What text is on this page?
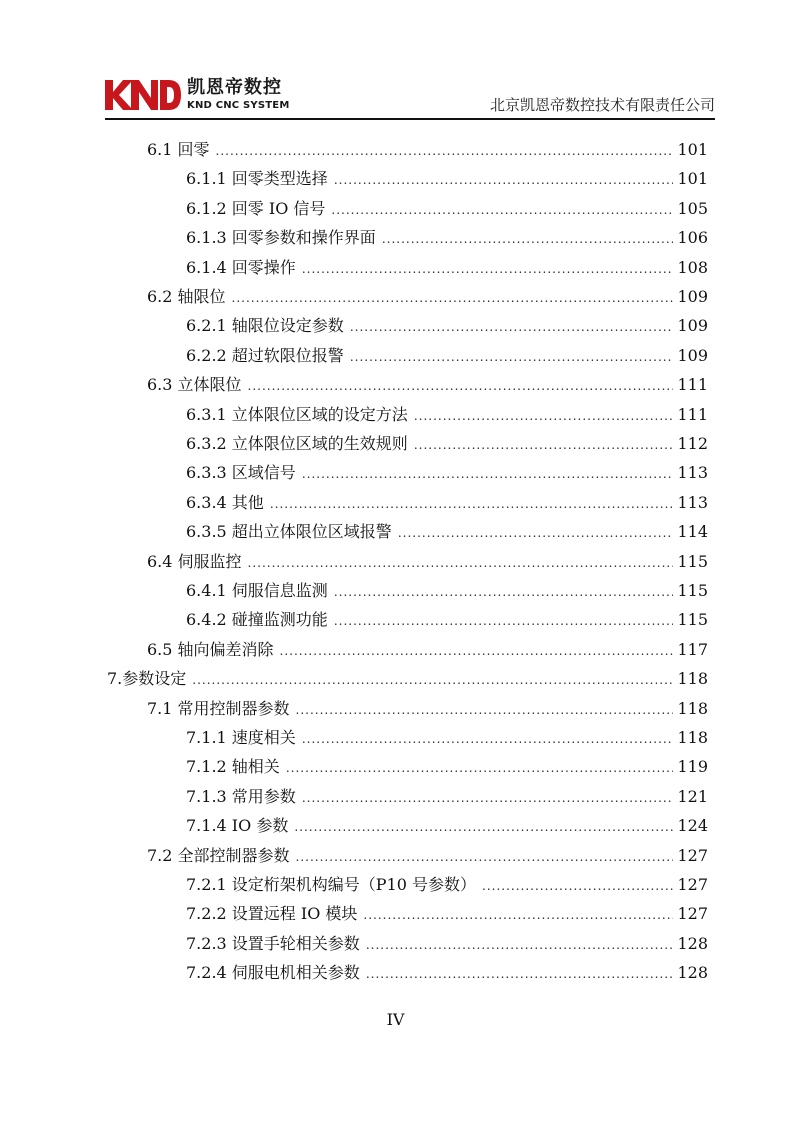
凯恩帝数控
KND CNC SYSTEM	北京凯恩帝数控技术有限责任公司
6.1 回零 .....	101
6.1.1 回零类型选择 .....	101
6.1.2 回零 IO 信号 .....	105
6.1.3 回零参数和操作界面 .....	106
6.1.4 回零操作 .....	108
6.2 轴限位 .....	109
6.2.1 轴限位设定参数 .....	109
6.2.2 超过软限位报警 .....	109
6.3 立体限位 .....	111
6.3.1 立体限位区域的设定方法 .....	111
6.3.2 立体限位区域的生效规则 .....	112
6.3.3 区域信号 .....	113
6.3.4 其他 .....	113
6.3.5 超出立体限位区域报警 .....	114
6.4 伺服监控 .....	115
6.4.1 伺服信息监测 .....	115
6.4.2 碰撞监测功能 .....	115
6.5 轴向偏差消除 .....	117
7.参数设定 .....	118
7.1 常用控制器参数 .....	118
7.1.1 速度相关 .....	118
7.1.2 轴相关 .....	119
7.1.3 常用参数 .....	121
7.1.4 IO 参数 .....	124
7.2 全部控制器参数 .....	127
7.2.1 设定桁架机构编号（P10 号参数） .....	127
7.2.2 设置远程 IO 模块 .....	127
7.2.3 设置手轮相关参数 .....	128
7.2.4 伺服电机相关参数 .....	128
IV
